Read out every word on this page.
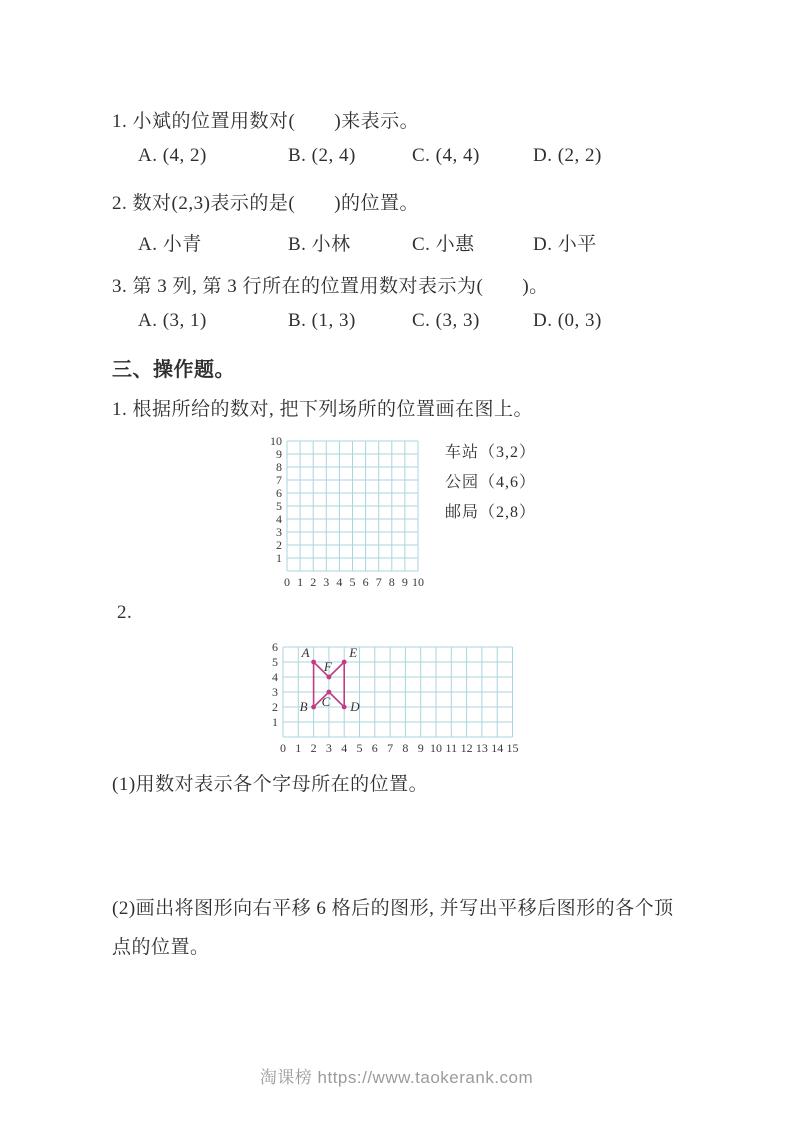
1. 小斌的位置用数对(　　)来表示。
A. (4, 2)	B. (2, 4)	C. (4, 4)	D. (2, 2)
2. 数对(2,3)表示的是(　　)的位置。
A. 小青	B. 小林	C. 小惠	D. 小平
3. 第 3 列, 第 3 行所在的位置用数对表示为(　　)。
A. (3, 1)	B. (1, 3)	C. (3, 3)	D. (0, 3)
三、操作题。
1. 根据所给的数对, 把下列场所的位置画在图上。
0 1 2 3 4 5 6 7 8 9 10
1
2
3
4
5
6
7
8
9
10
车站（3,2）
公园（4,6）
邮局（2,8）
2.
0 1 2 3 4 5 6 7 8 9 10 11 12 13 14 15
1
2
3
4
5
6 A	E
F
B C D
(1)用数对表示各个字母所在的位置。
(2)画出将图形向右平移 6 格后的图形, 并写出平移后图形的各个顶
点的位置。
淘课榜 https://www.taokerank.com
